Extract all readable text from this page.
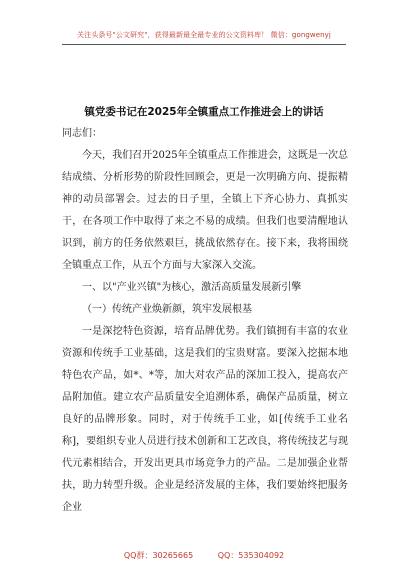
关注头条号"公文研究"，获得最新最全最专业的公文资料库！ 微信：gongwenyj
镇党委书记在2025年全镇重点工作推进会上的讲话

同志们：

今天，我们召开2025年全镇重点工作推进会，这既是一次总结成绩、分析形势的阶段性回顾会，更是一次明确方向、提振精神的动员部署会。过去的日子里，全镇上下齐心协力、真抓实干，在各项工作中取得了来之不易的成绩。但我们也要清醒地认识到，前方的任务依然艰巨，挑战依然存在。接下来，我将围绕全镇重点工作，从五个方面与大家深入交流。

一、以"产业兴镇"为核心，激活高质量发展新引擎

（一）传统产业焕新颜，筑牢发展根基

一是深挖特色资源，培育品牌优势。我们镇拥有丰富的农业资源和传统手工业基础，这是我们的宝贵财富。要深入挖掘本地特色农产品，如*、*等，加大对农产品的深加工投入，提高农产品附加值。建立农产品质量安全追溯体系，确保产品质量，树立良好的品牌形象。同时，对于传统手工业，如[传统手工业名称]，要组织专业人员进行技术创新和工艺改良，将传统技艺与现代元素相结合，开发出更具市场竞争力的产品。二是加强企业帮扶，助力转型升级。企业是经济发展的主体，我们要始终把服务企业

QQ群：30265665	QQ：535304092
